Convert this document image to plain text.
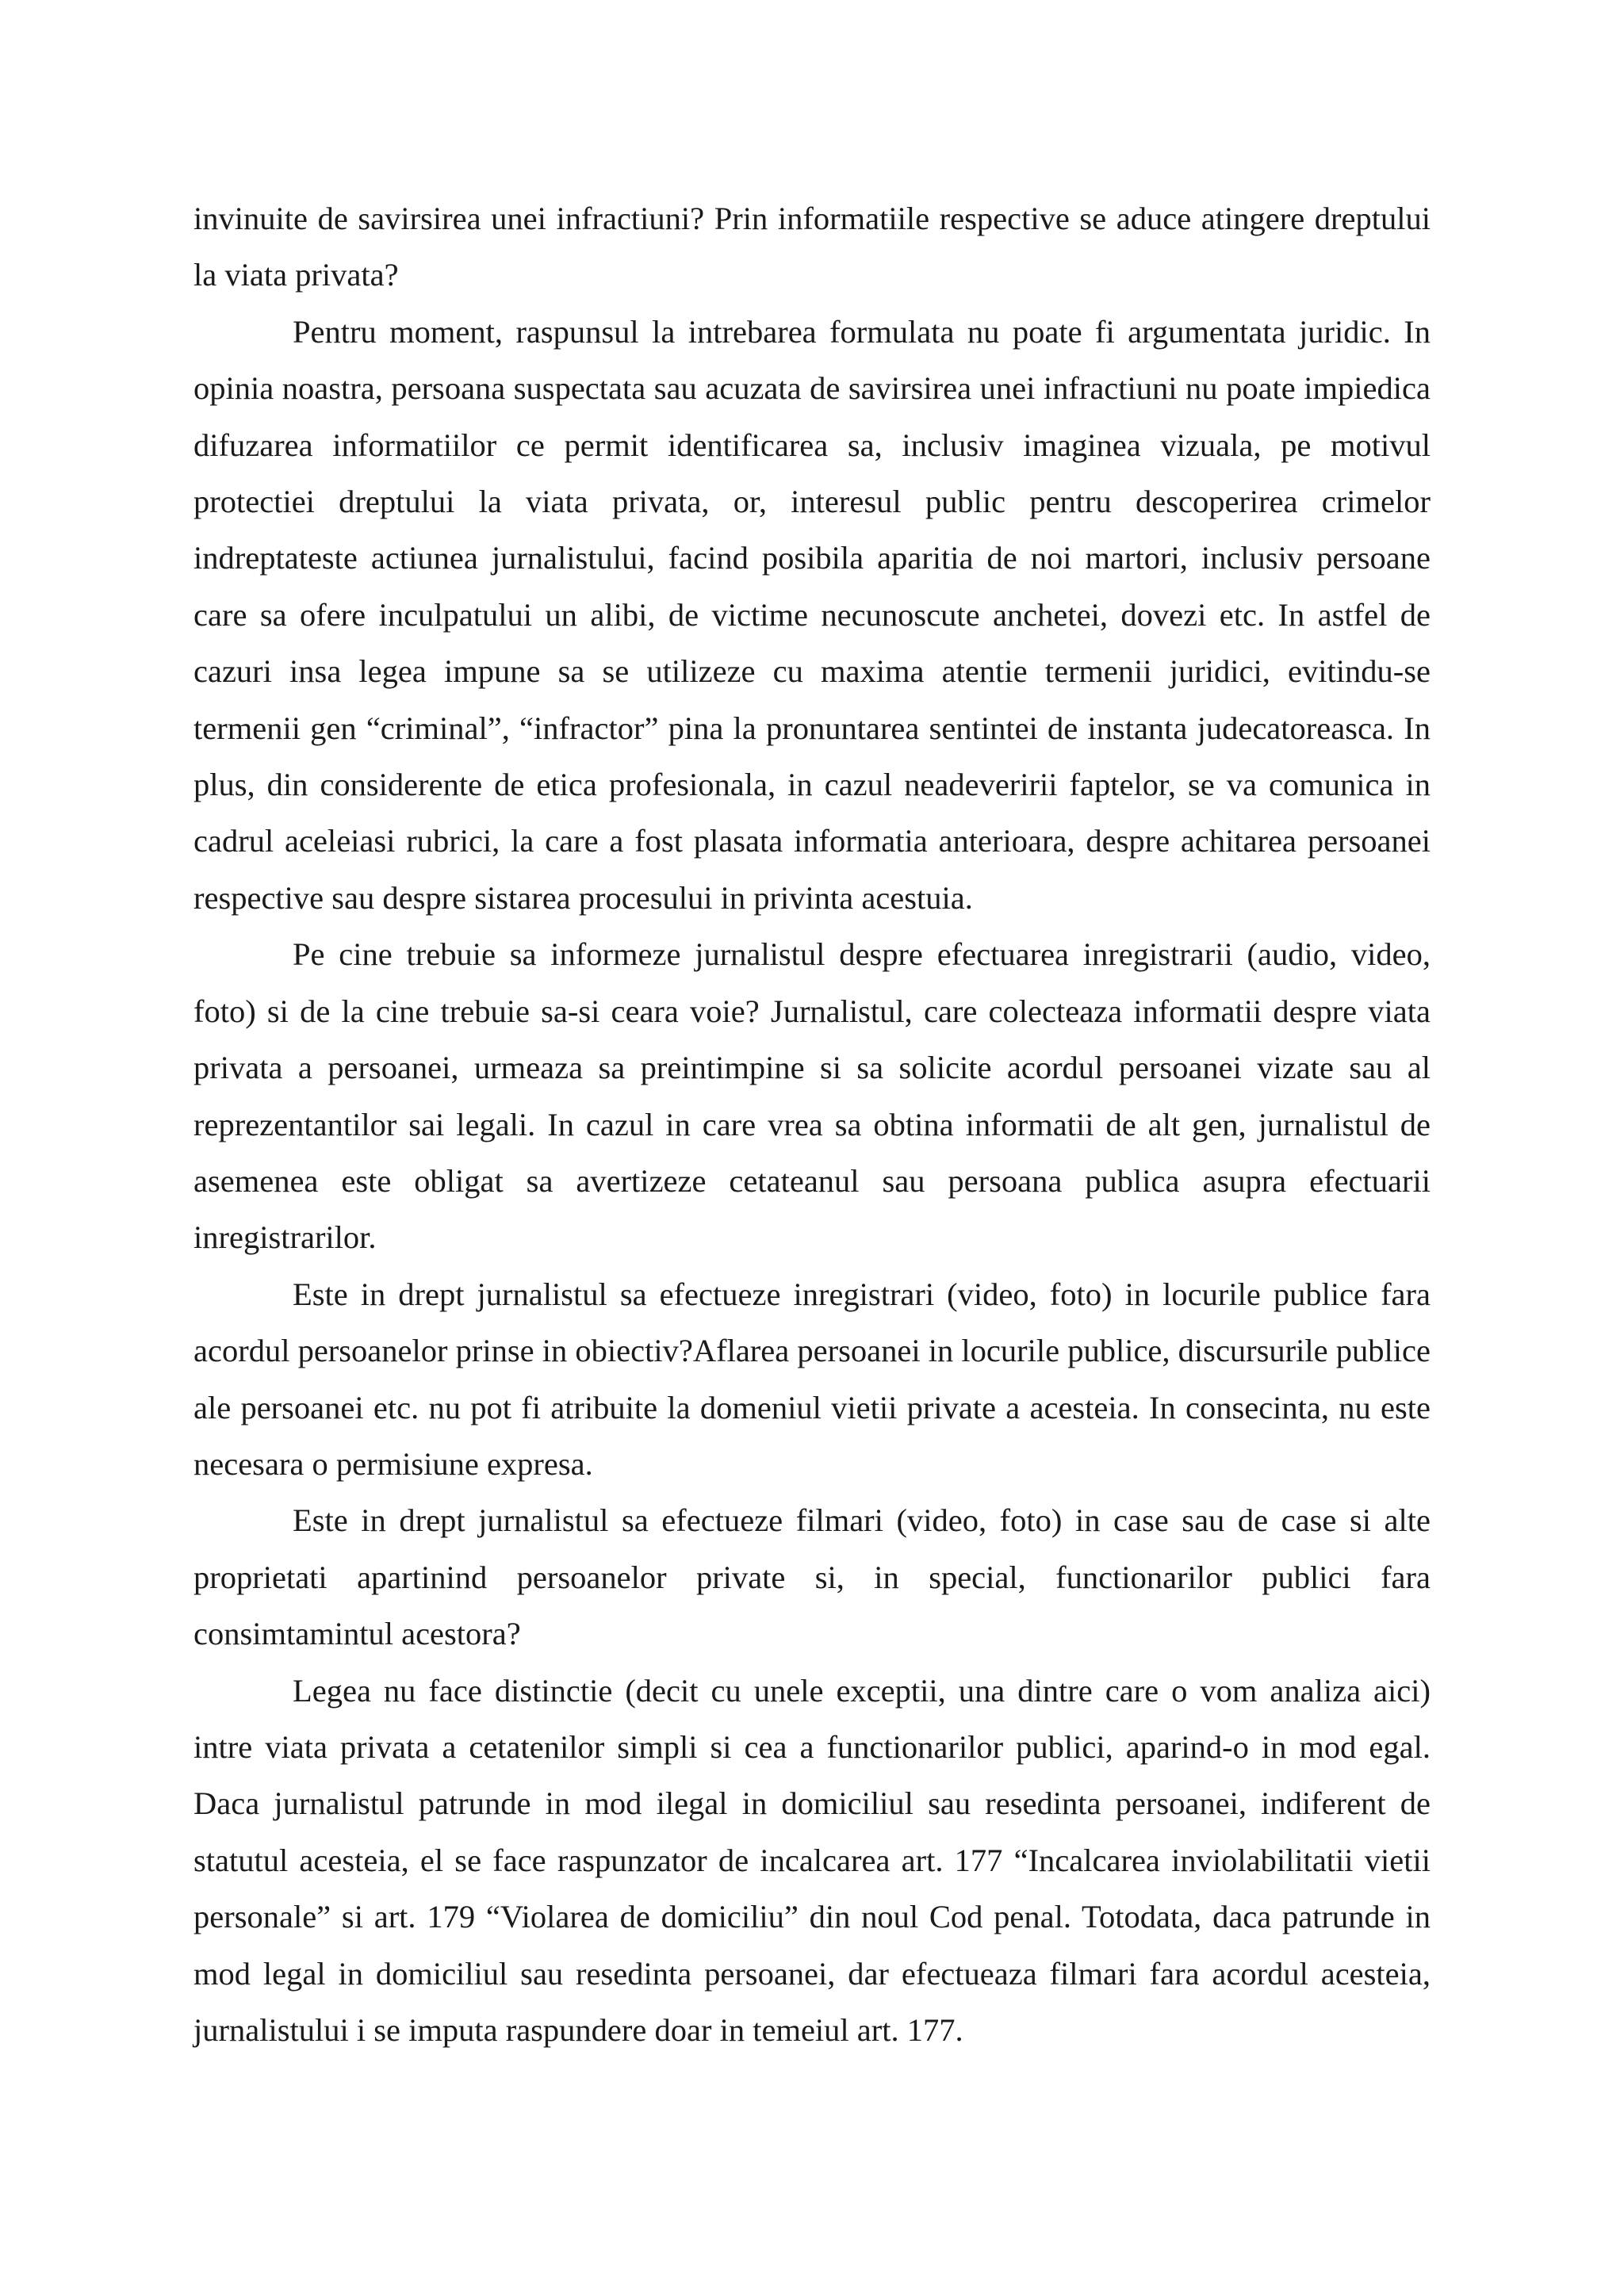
invinuite de savirsirea unei infractiuni? Prin informatiile respective se aduce atingere dreptului la viata privata?

Pentru moment, raspunsul la intrebarea formulata nu poate fi argumentata juridic. In opinia noastra, persoana suspectata sau acuzata de savirsirea unei infractiuni nu poate impiedica difuzarea informatiilor ce permit identificarea sa, inclusiv imaginea vizuala, pe motivul protectiei dreptului la viata privata, or, interesul public pentru descoperirea crimelor indreptateste actiunea jurnalistului, facind posibila aparitia de noi martori, inclusiv persoane care sa ofere inculpatului un alibi, de victime necunoscute anchetei, dovezi etc. In astfel de cazuri insa legea impune sa se utilizeze cu maxima atentie termenii juridici, evitindu-se termenii gen “criminal”, “infractor” pina la pronuntarea sentintei de instanta judecatoreasca. In plus, din considerente de etica profesionala, in cazul neadeveririi faptelor, se va comunica in cadrul aceleiasi rubrici, la care a fost plasata informatia anterioara, despre achitarea persoanei respective sau despre sistarea procesului in privinta acestuia.

Pe cine trebuie sa informeze jurnalistul despre efectuarea inregistrarii (audio, video, foto) si de la cine trebuie sa-si ceara voie? Jurnalistul, care colecteaza informatii despre viata privata a persoanei, urmeaza sa preintimpine si sa solicite acordul persoanei vizate sau al reprezentantilor sai legali. In cazul in care vrea sa obtina informatii de alt gen, jurnalistul de asemenea este obligat sa avertizeze cetateanul sau persoana publica asupra efectuarii inregistrarilor.

Este in drept jurnalistul sa efectueze inregistrari (video, foto) in locurile publice fara acordul persoanelor prinse in obiectiv?Aflarea persoanei in locurile publice, discursurile publice ale persoanei etc. nu pot fi atribuite la domeniul vietii private a acesteia. In consecinta, nu este necesara o permisiune expresa.

Este in drept jurnalistul sa efectueze filmari (video, foto) in case sau de case si alte proprietati apartinind persoanelor private si, in special, functionarilor publici fara consimtamintul acestora?

Legea nu face distinctie (decit cu unele exceptii, una dintre care o vom analiza aici) intre viata privata a cetatenilor simpli si cea a functionarilor publici, aparind-o in mod egal. Daca jurnalistul patrunde in mod ilegal in domiciliul sau resedinta persoanei, indiferent de statutul acesteia, el se face raspunzator de incalcarea art. 177 “Incalcarea inviolabilitatii vietii personale” si art. 179 “Violarea de domiciliu” din noul Cod penal. Totodata, daca patrunde in mod legal in domiciliul sau resedinta persoanei, dar efectueaza filmari fara acordul acesteia, jurnalistului i se imputa raspundere doar in temeiul art. 177.
